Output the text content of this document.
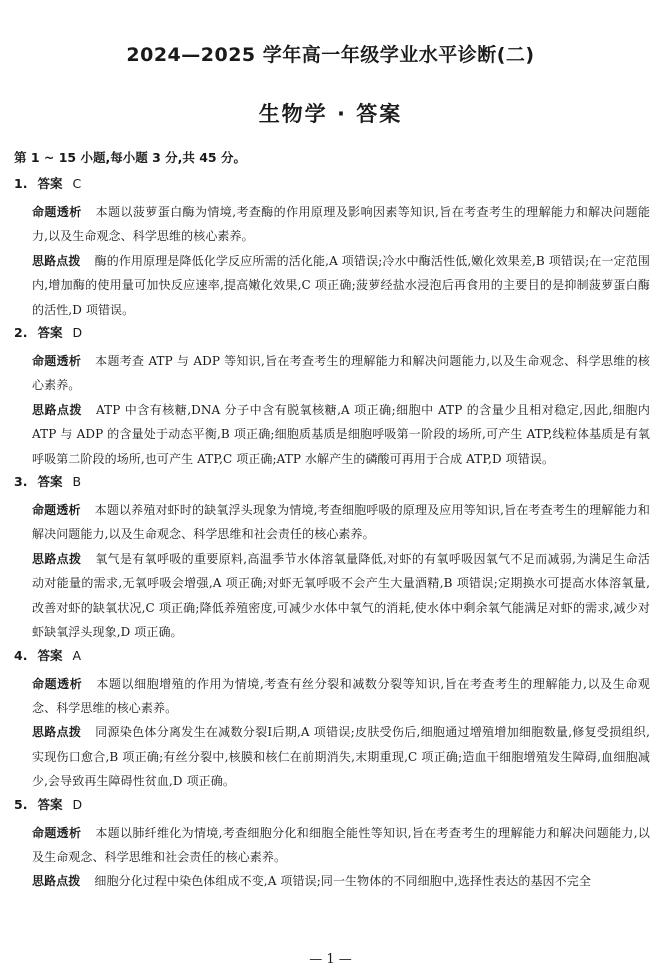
2024—2025 学年高一年级学业水平诊断(二)
生物学 · 答案
第 1 ~ 15 小题,每小题 3 分,共 45 分。
1. 答案 C

命题透析 本题以菠萝蛋白酶为情境,考查酶的作用原理及影响因素等知识,旨在考查考生的理解能力和解决问题能力,以及生命观念、科学思维的核心素养。

思路点拨 酶的作用原理是降低化学反应所需的活化能,A 项错误;冷水中酶活性低,嫩化效果差,B 项错误;在一定范围内,增加酶的使用量可加快反应速率,提高嫩化效果,C 项正确;菠萝经盐水浸泡后再食用的主要目的是抑制菠萝蛋白酶的活性,D 项错误。

2. 答案 D

命题透析 本题考查 ATP 与 ADP 等知识,旨在考查考生的理解能力和解决问题能力,以及生命观念、科学思维的核心素养。

思路点拨 ATP 中含有核糖,DNA 分子中含有脱氧核糖,A 项正确;细胞中 ATP 的含量少且相对稳定,因此,细胞内 ATP 与 ADP 的含量处于动态平衡,B 项正确;细胞质基质是细胞呼吸第一阶段的场所,可产生 ATP,线粒体基质是有氧呼吸第二阶段的场所,也可产生 ATP,C 项正确;ATP 水解产生的磷酸可再用于合成 ATP,D 项错误。

3. 答案 B

命题透析 本题以养殖对虾时的缺氧浮头现象为情境,考查细胞呼吸的原理及应用等知识,旨在考查考生的理解能力和解决问题能力,以及生命观念、科学思维和社会责任的核心素养。

思路点拨 氧气是有氧呼吸的重要原料,高温季节水体溶氧量降低,对虾的有氧呼吸因氧气不足而减弱,为满足生命活动对能量的需求,无氧呼吸会增强,A 项正确;对虾无氧呼吸不会产生大量酒精,B 项错误;定期换水可提高水体溶氧量,改善对虾的缺氧状况,C 项正确;降低养殖密度,可减少水体中氧气的消耗,使水体中剩余氧气能满足对虾的需求,减少对虾缺氧浮头现象,D 项正确。

4. 答案 A

命题透析 本题以细胞增殖的作用为情境,考查有丝分裂和减数分裂等知识,旨在考查考生的理解能力,以及生命观念、科学思维的核心素养。

思路点拨 同源染色体分离发生在减数分裂Ⅰ后期,A 项错误;皮肤受伤后,细胞通过增殖增加细胞数量,修复受损组织,实现伤口愈合,B 项正确;有丝分裂中,核膜和核仁在前期消失,末期重现,C 项正确;造血干细胞增殖发生障碍,血细胞减少,会导致再生障碍性贫血,D 项正确。

5. 答案 D

命题透析 本题以肺纤维化为情境,考查细胞分化和细胞全能性等知识,旨在考查考生的理解能力和解决问题能力,以及生命观念、科学思维和社会责任的核心素养。

思路点拨 细胞分化过程中染色体组成不变,A 项错误;同一生物体的不同细胞中,选择性表达的基因不完全

— 1 —
